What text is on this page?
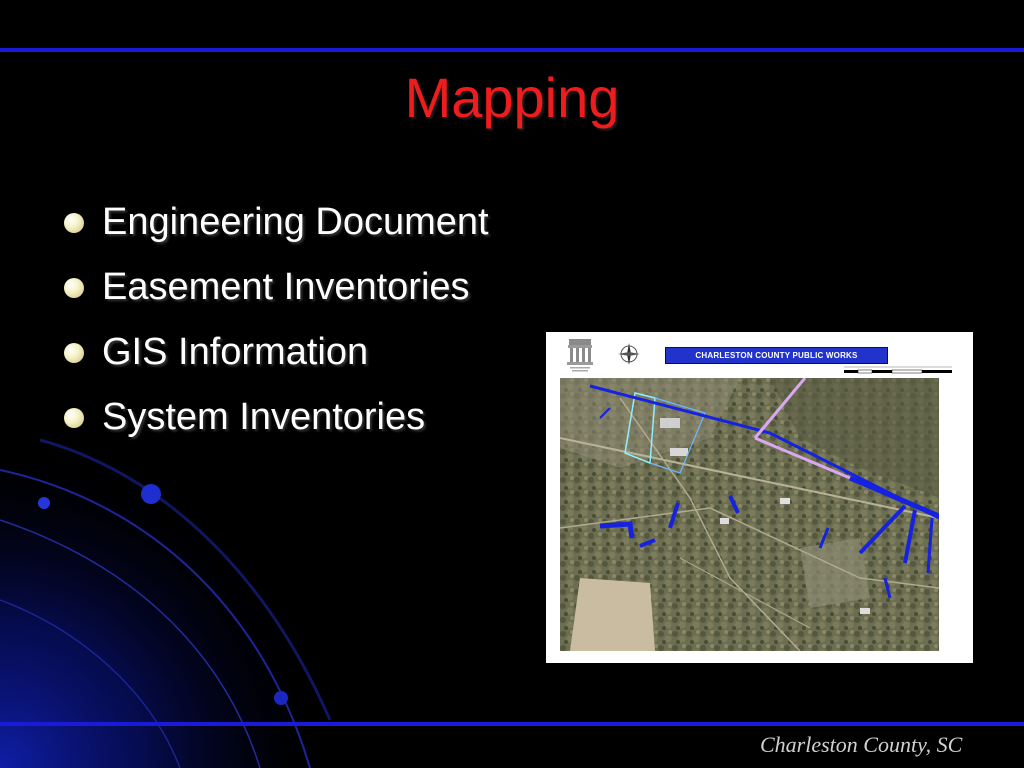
Mapping
Engineering Document
Easement Inventories
GIS Information
System Inventories
CHARLESTON COUNTY PUBLIC WORKS
Charleston County, SC
